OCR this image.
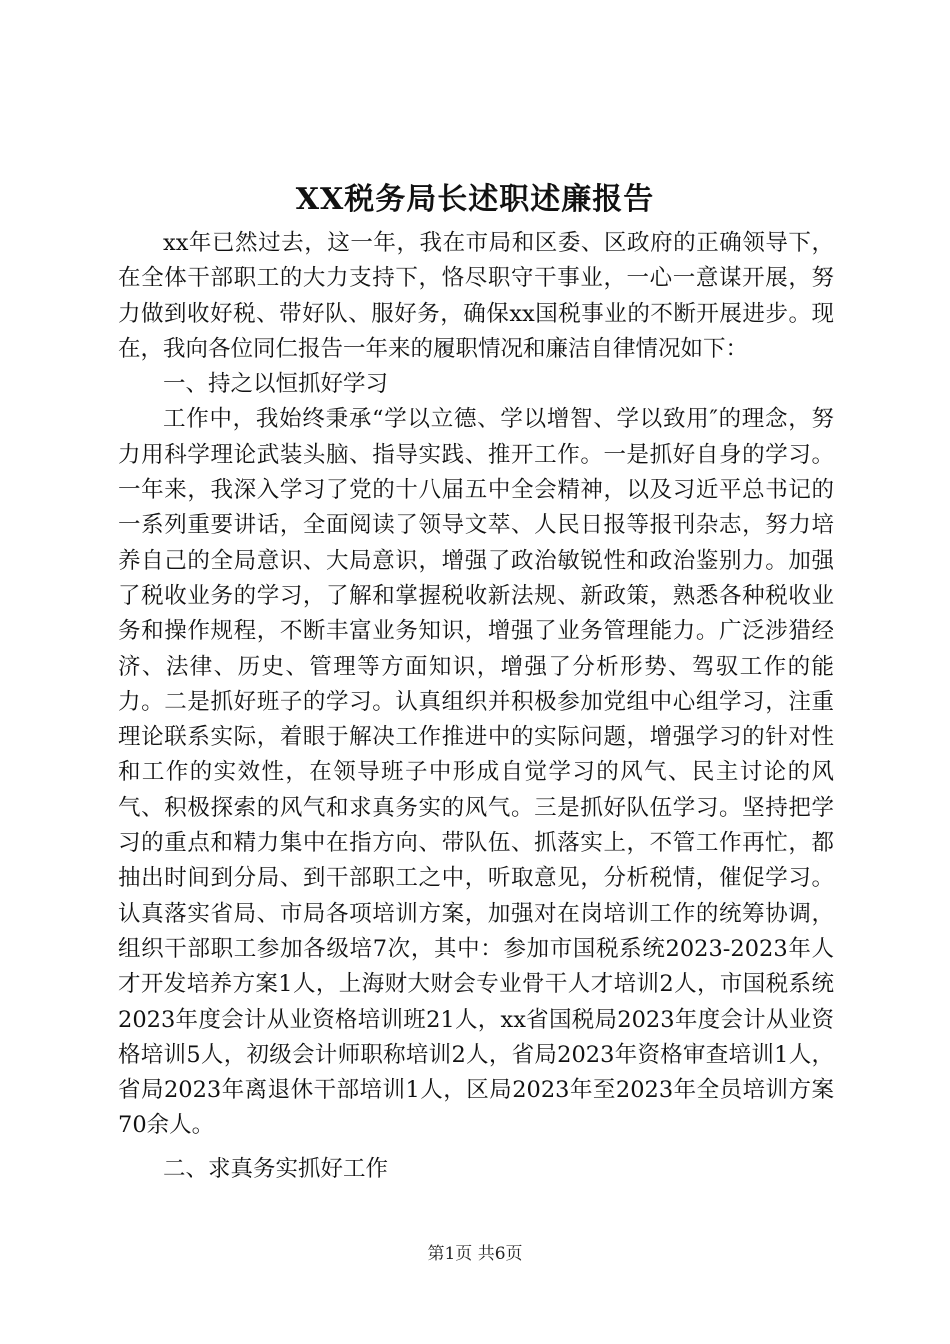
XX税务局长述职述廉报告

xx年已然过去，这一年，我在市局和区委、区政府的正确领导下，在全体干部职工的大力支持下，恪尽职守干事业，一心一意谋开展，努力做到收好税、带好队、服好务，确保xx国税事业的不断开展进步。现在，我向各位同仁报告一年来的履职情况和廉洁自律情况如下：

一、持之以恒抓好学习

工作中，我始终秉承“学以立德、学以增智、学以致用″的理念，努力用科学理论武装头脑、指导实践、推开工作。一是抓好自身的学习。一年来，我深入学习了党的十八届五中全会精神，以及习近平总书记的一系列重要讲话，全面阅读了领导文萃、人民日报等报刊杂志，努力培养自己的全局意识、大局意识，增强了政治敏锐性和政治鉴别力。加强了税收业务的学习，了解和掌握税收新法规、新政策，熟悉各种税收业务和操作规程，不断丰富业务知识，增强了业务管理能力。广泛涉猎经济、法律、历史、管理等方面知识，增强了分析形势、驾驭工作的能力。二是抓好班子的学习。认真组织并积极参加党组中心组学习，注重理论联系实际，着眼于解决工作推进中的实际问题，增强学习的针对性和工作的实效性，在领导班子中形成自觉学习的风气、民主讨论的风气、积极探索的风气和求真务实的风气。三是抓好队伍学习。坚持把学习的重点和精力集中在指方向、带队伍、抓落实上，不管工作再忙，都抽出时间到分局、到干部职工之中，听取意见，分析税情，催促学习。认真落实省局、市局各项培训方案，加强对在岗培训工作的统筹协调，组织干部职工参加各级培7次，其中：参加市国税系统2023-2023年人才开发培养方案1人，上海财大财会专业骨干人才培训2人，市国税系统2023年度会计从业资格培训班21人，xx省国税局2023年度会计从业资格培训5人，初级会计师职称培训2人，省局2023年资格审查培训1人，省局2023年离退休干部培训1人，区局2023年至2023年全员培训方案70余人。

二、求真务实抓好工作

第1页 共6页
